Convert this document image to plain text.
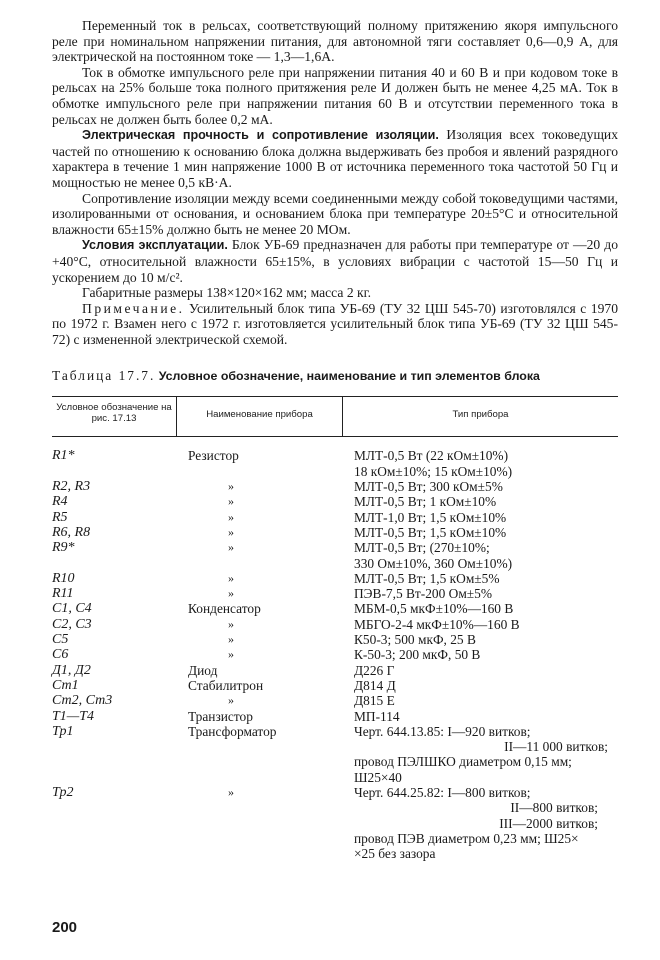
Переменный ток в рельсах, соответствующий полному притяжению якоря импульсного реле при номинальном напряжении питания, для автономной тяги составляет 0,6—0,9 А, для электрической на постоянном токе — 1,3—1,6А.

Ток в обмотке импульсного реле при напряжении питания 40 и 60 В и при кодовом токе в рельсах на 25% больше тока полного притяжения реле И должен быть не менее 4,25 мА. Ток в обмотке импульсного реле при напряжении питания 60 В и отсутствии переменного тока в рельсах не должен быть более 0,2 мА.

Электрическая прочность и сопротивление изоляции. Изоляция всех токоведущих частей по отношению к основанию блока должна выдерживать без пробоя и явлений разрядного характера в течение 1 мин напряжение 1000 В от источника переменного тока частотой 50 Гц и мощностью не менее 0,5 кВ·А.

Сопротивление изоляции между всеми соединенными между собой токоведущими частями, изолированными от основания, и основанием блока при температуре 20±5°С и относительной влажности 65±15% должно быть не менее 20 МОм.

Условия эксплуатации. Блок УБ-69 предназначен для работы при температуре от —20 до +40°С, относительной влажности 65±15%, в условиях вибрации с частотой 15—50 Гц и ускорением до 10 м/с².

Габаритные размеры 138×120×162 мм; масса 2 кг.

Примечание. Усилительный блок типа УБ-69 (ТУ 32 ЦШ 545-70) изготовлялся с 1970 по 1972 г. Взамен него с 1972 г. изготовляется усилительный блок типа УБ-69 (ТУ 32 ЦШ 545-72) с измененной электрической схемой.

Таблица 17.7. Условное обозначение, наименование и тип элементов блока
Условное обозначение на рис. 17.13	Наименование прибора	Тип прибора
R1*	Резистор	МЛТ-0,5 Вт (22 кОм±10%)
18 кОм±10%; 15 кОм±10%)
R2, R3	»	МЛТ-0,5 Вт; 300 кОм±5%
R4	»	МЛТ-0,5 Вт; 1 кОм±10%
R5	»	МЛТ-1,0 Вт; 1,5 кОм±10%
R6, R8	»	МЛТ-0,5 Вт; 1,5 кОм±10%
R9*	»	МЛТ-0,5 Вт; (270±10%;
330 Ом±10%, 360 Ом±10%)
R10	»	МЛТ-0,5 Вт; 1,5 кОм±5%
R11	»	ПЭВ-7,5 Вт-200 Ом±5%
C1, C4	Конденсатор	МБМ-0,5 мкФ±10%—160 В
C2, C3	»	МБГО-2-4 мкФ±10%—160 В
C5	»	К50-3; 500 мкФ, 25 В
C6	»	К-50-3; 200 мкФ, 50 В
Д1, Д2	Диод	Д226 Г
Ст1	Стабилитрон	Д814 Д
Ст2, Ст3	»	Д815 Е
Т1—Т4	Транзистор	МП-114
Тр1	Трансформатор	Черт. 644.13.85: I—920 витков;
II—11 000 витков;
провод ПЭЛШКО диаметром 0,15 мм;
Ш25×40
Тр2	»	Черт. 644.25.82: I—800 витков;
II—800 витков;
III—2000 витков;
провод ПЭВ диаметром 0,23 мм; Ш25×
×25 без зазора
200
